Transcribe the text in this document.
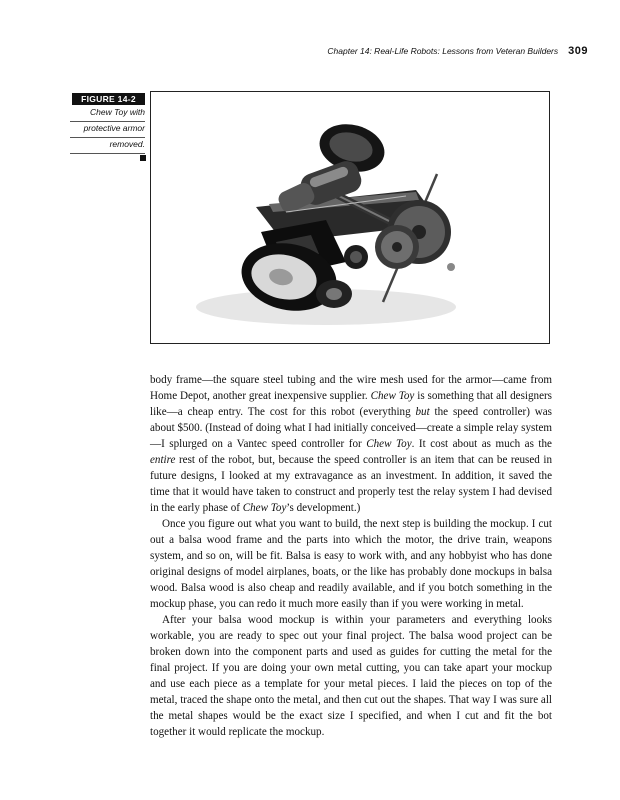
Chapter 14: Real-Life Robots: Lessons from Veteran Builders 309
FIGURE 14-2
Chew Toy with
protective armor
removed.

body frame—the square steel tubing and the wire mesh used for the armor—came from Home Depot, another great inexpensive supplier. Chew Toy is something that all designers like—a cheap entry. The cost for this robot (everything but the speed controller) was about $500. (Instead of doing what I had initially conceived—create a simple relay system—I splurged on a Vantec speed controller for Chew Toy. It cost about as much as the entire rest of the robot, but, because the speed controller is an item that can be reused in future designs, I looked at my extravagance as an investment. In addition, it saved the time that it would have taken to construct and properly test the relay system I had devised in the early phase of Chew Toy’s development.)

Once you figure out what you want to build, the next step is building the mockup. I cut out a balsa wood frame and the parts into which the motor, the drive train, weapons system, and so on, will be fit. Balsa is easy to work with, and any hobbyist who has done original designs of model airplanes, boats, or the like has probably done mockups in balsa wood. Balsa wood is also cheap and readily available, and if you botch something in the mockup phase, you can redo it much more easily than if you were working in metal.

After your balsa wood mockup is within your parameters and everything looks workable, you are ready to spec out your final project. The balsa wood project can be broken down into the component parts and used as guides for cutting the metal for the final project. If you are doing your own metal cutting, you can take apart your mockup and use each piece as a template for your metal pieces. I laid the pieces on top of the metal, traced the shape onto the metal, and then cut out the shapes. That way I was sure all the metal shapes would be the exact size I specified, and when I cut and fit the bot together it would replicate the mockup.
